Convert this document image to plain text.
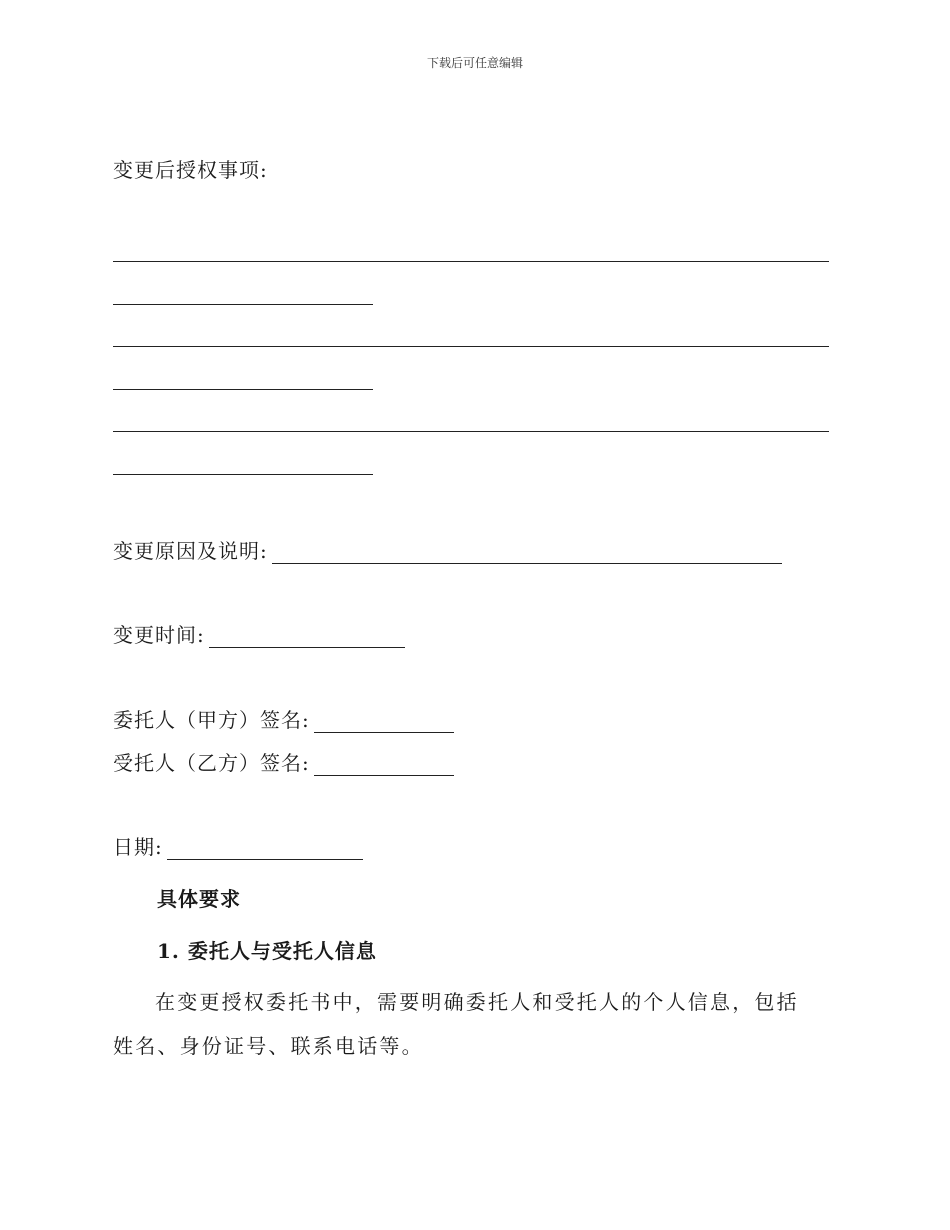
下载后可任意编辑
变更后授权事项:
变更原因及说明:
变更时间:
委托人（甲方）签名:
受托人（乙方）签名:
日期:
具体要求
1. 委托人与受托人信息
在变更授权委托书中，需要明确委托人和受托人的个人信息，包括姓名、身份证号、联系电话等。
